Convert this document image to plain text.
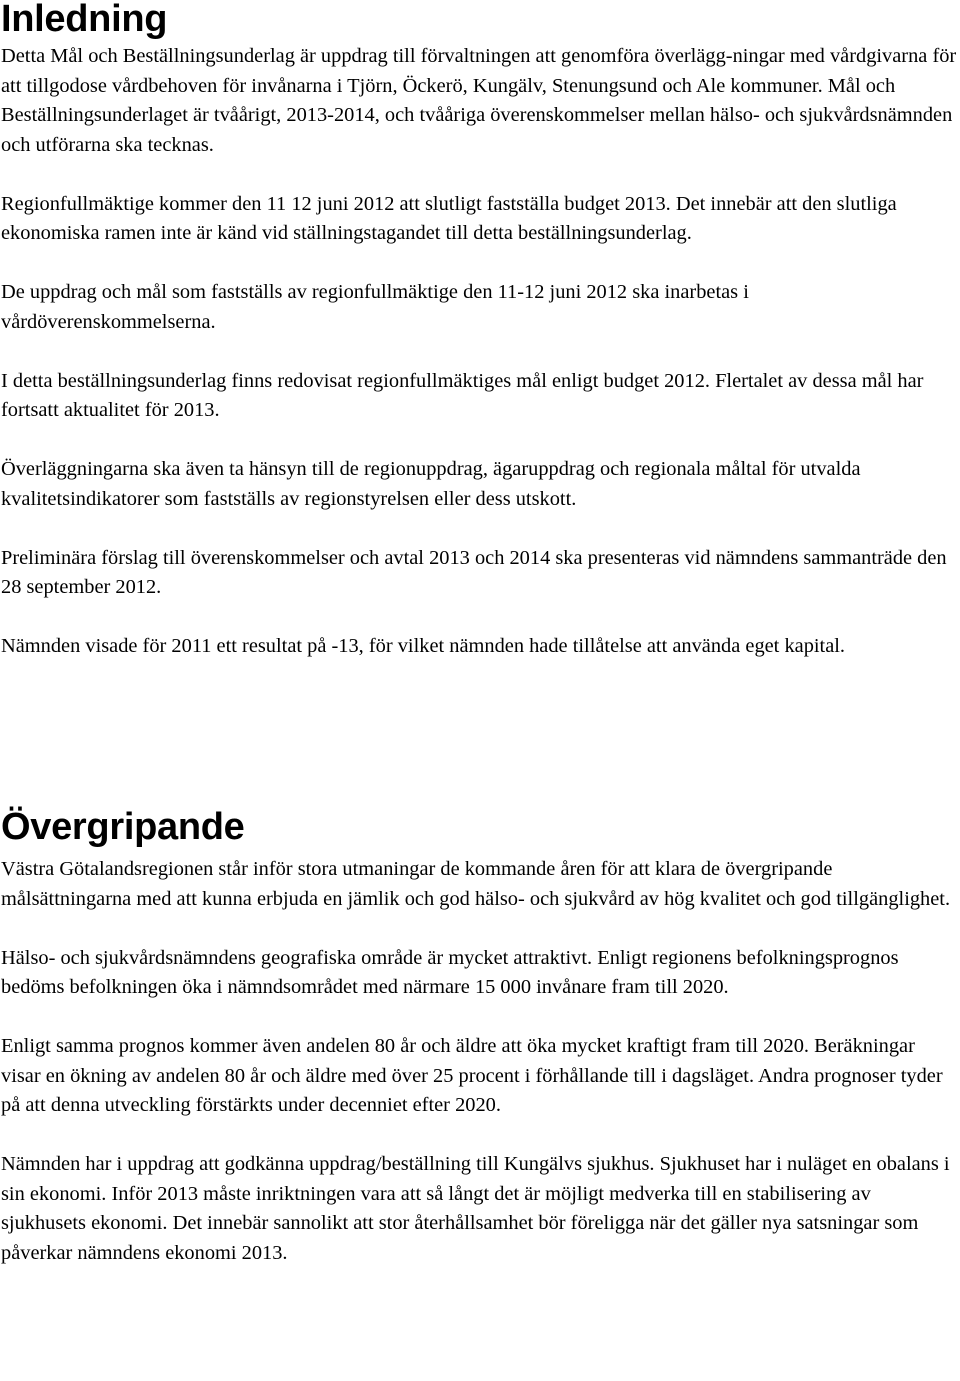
Inledning

Detta Mål och Beställningsunderlag är uppdrag till förvaltningen att genomföra överlägg-ningar med vårdgivarna för att tillgodose vårdbehoven för invånarna i Tjörn, Öckerö, Kungälv, Stenungsund och Ale kommuner. Mål och Beställningsunderlaget är tvåårigt, 2013-2014, och tvååriga överenskommelser mellan hälso- och sjukvårdsnämnden och utförarna ska tecknas.

Regionfullmäktige kommer den 11 12 juni 2012 att slutligt fastställa budget 2013. Det innebär att den slutliga ekonomiska ramen inte är känd vid ställningstagandet till detta beställningsunderlag.

De uppdrag och mål som fastställs av regionfullmäktige den 11-12 juni 2012 ska inarbetas i vårdöverenskommelserna.

I detta beställningsunderlag finns redovisat regionfullmäktiges mål enligt budget 2012. Flertalet av dessa mål har fortsatt aktualitet för 2013.

Överläggningarna ska även ta hänsyn till de regionuppdrag, ägaruppdrag och regionala måltal för utvalda kvalitetsindikatorer som fastställs av regionstyrelsen eller dess utskott.

Preliminära förslag till överenskommelser och avtal 2013 och 2014 ska presenteras vid nämndens sammanträde den 28 september 2012.

Nämnden visade för 2011 ett resultat på -13, för vilket nämnden hade tillåtelse att använda eget kapital.

Övergripande

Västra Götalandsregionen står inför stora utmaningar de kommande åren för att klara de övergripande målsättningarna med att kunna erbjuda en jämlik och god hälso- och sjukvård av hög kvalitet och god tillgänglighet.

Hälso- och sjukvårdsnämndens geografiska område är mycket attraktivt. Enligt regionens befolkningsprognos bedöms befolkningen öka i nämndsområdet med närmare 15 000 invånare fram till 2020.

Enligt samma prognos kommer även andelen 80 år och äldre att öka mycket kraftigt fram till 2020. Beräkningar visar en ökning av andelen 80 år och äldre med över 25 procent i förhållande till i dagsläget. Andra prognoser tyder på att denna utveckling förstärkts under decenniet efter 2020.

Nämnden har i uppdrag att godkänna uppdrag/beställning till Kungälvs sjukhus. Sjukhuset har i nuläget en obalans i sin ekonomi. Inför 2013 måste inriktningen vara att så långt det är möjligt medverka till en stabilisering av sjukhusets ekonomi. Det innebär sannolikt att stor återhållsamhet bör föreligga när det gäller nya satsningar som påverkar nämndens ekonomi 2013.
